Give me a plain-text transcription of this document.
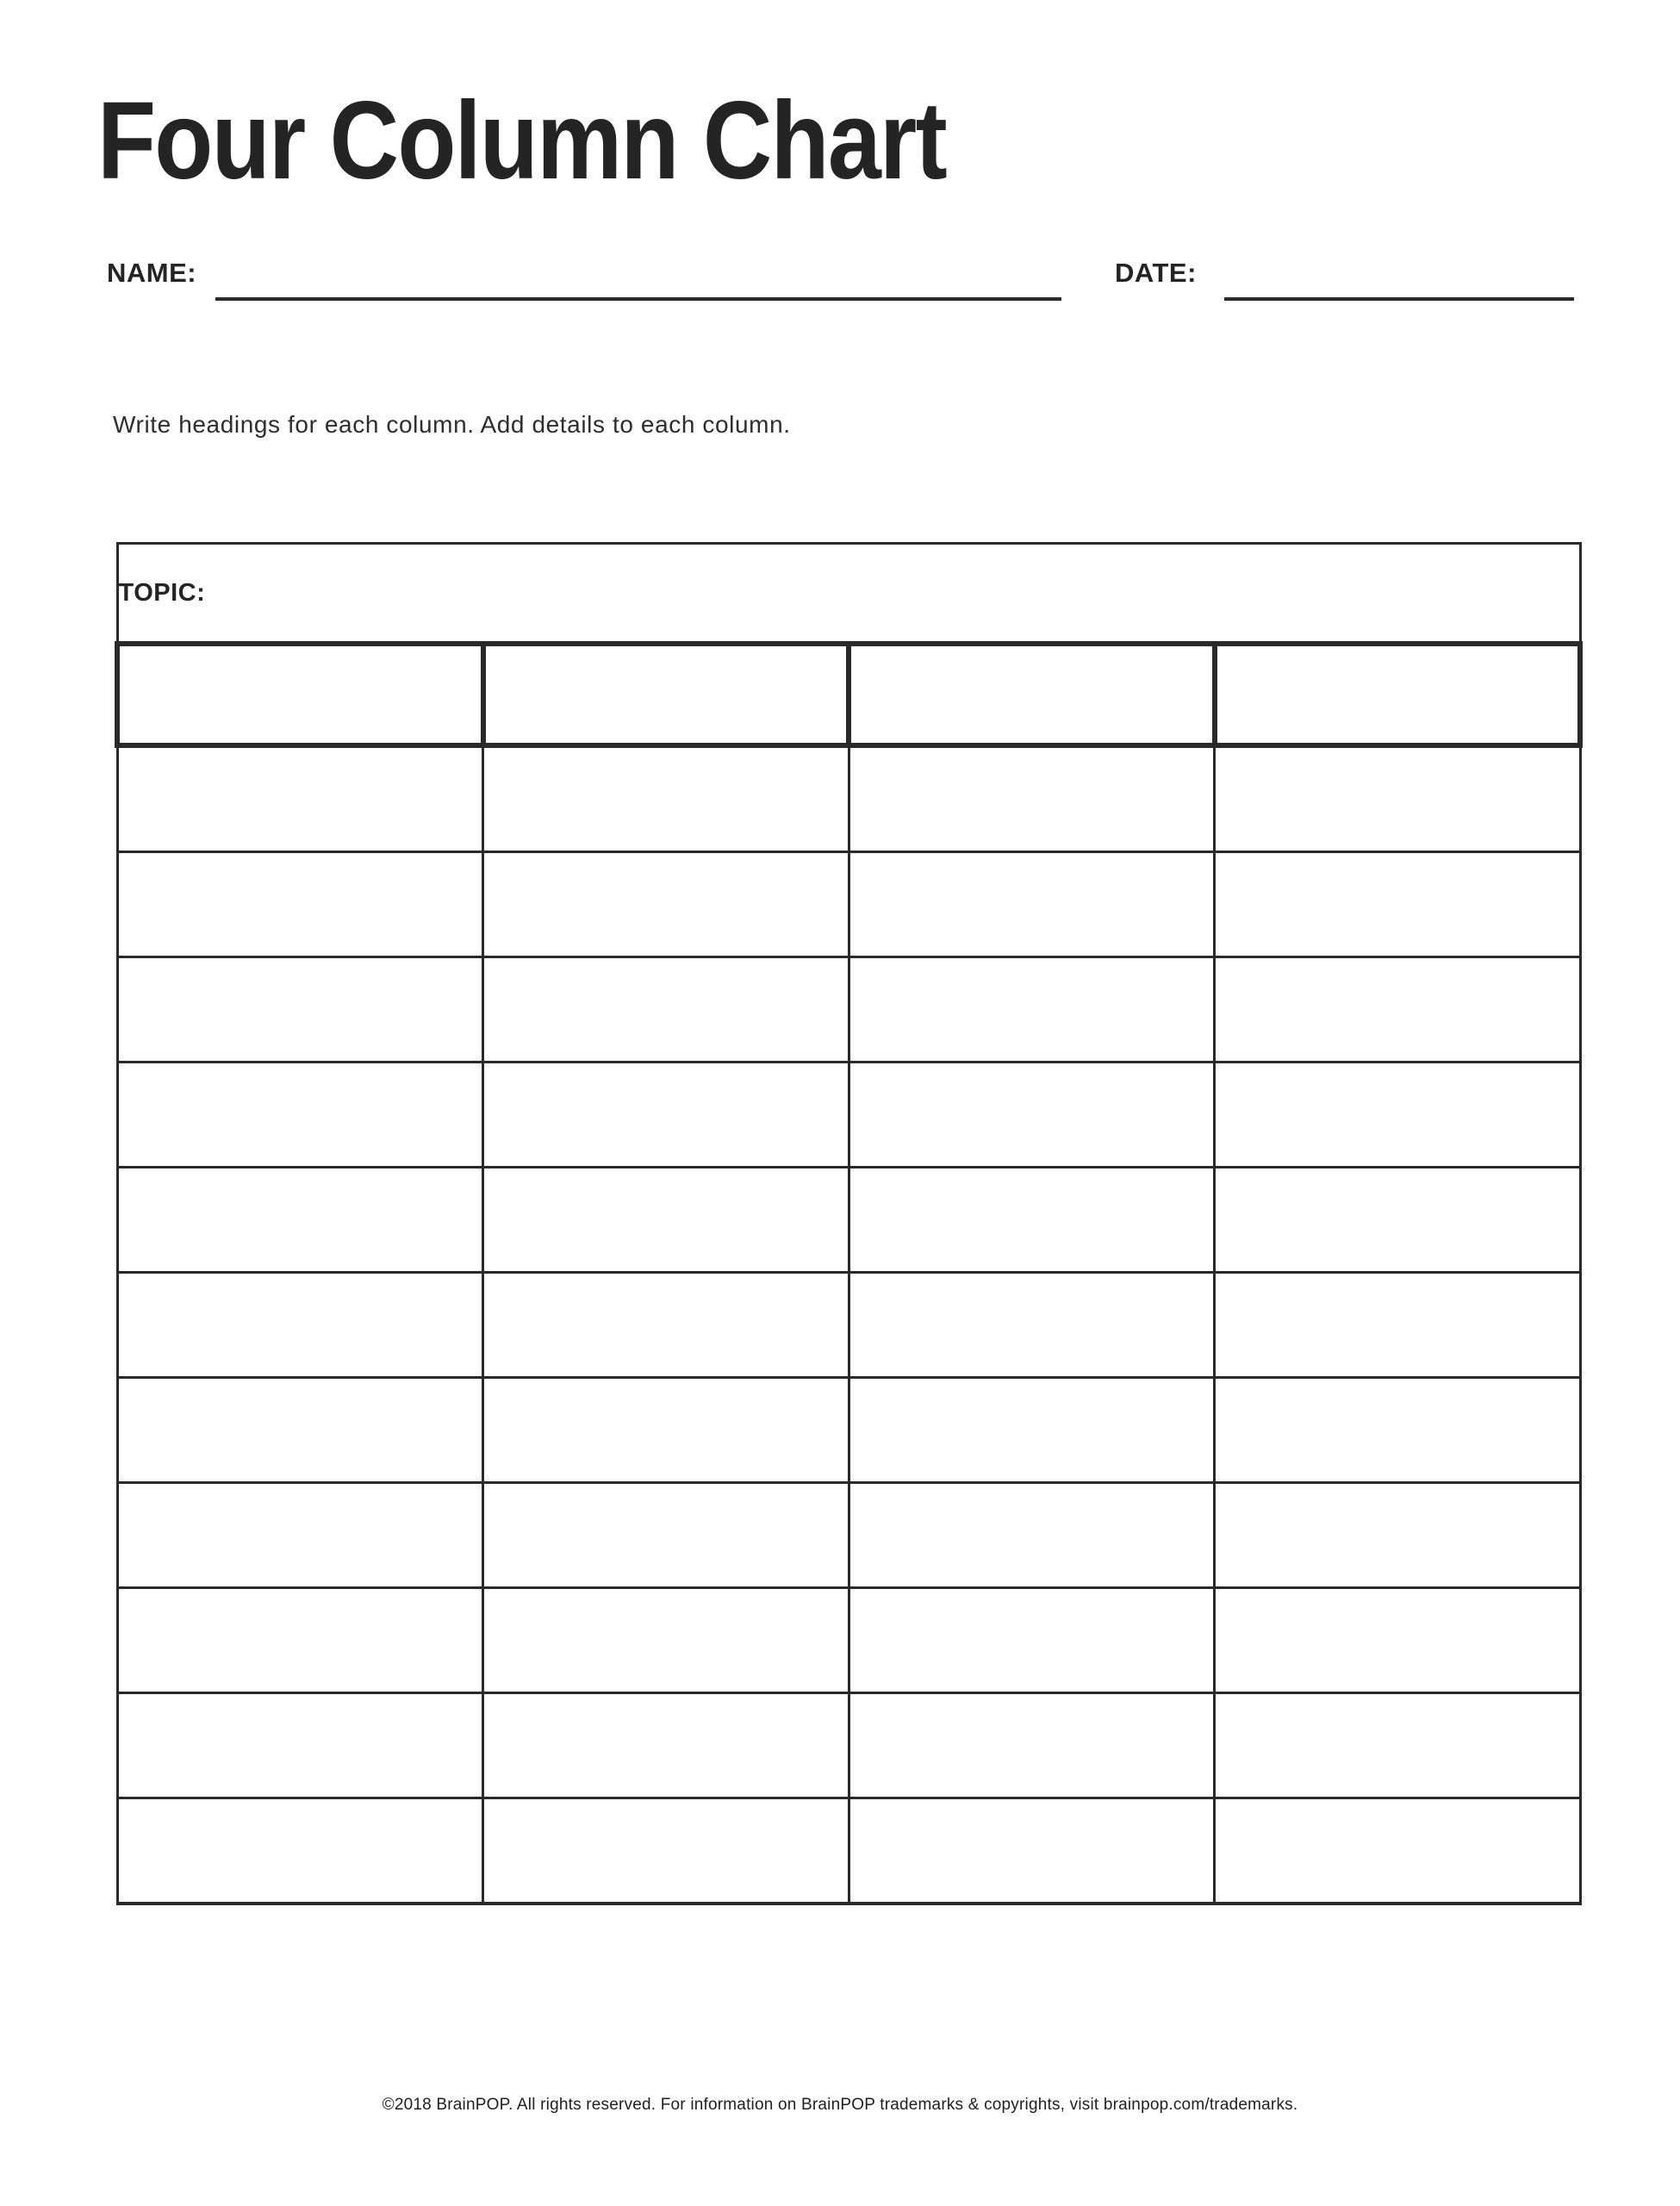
Four Column Chart
NAME:	DATE:

Write headings for each column. Add details to each column.

TOPIC:			

©2018 BrainPOP. All rights reserved. For information on BrainPOP trademarks & copyrights, visit brainpop.com/trademarks.
